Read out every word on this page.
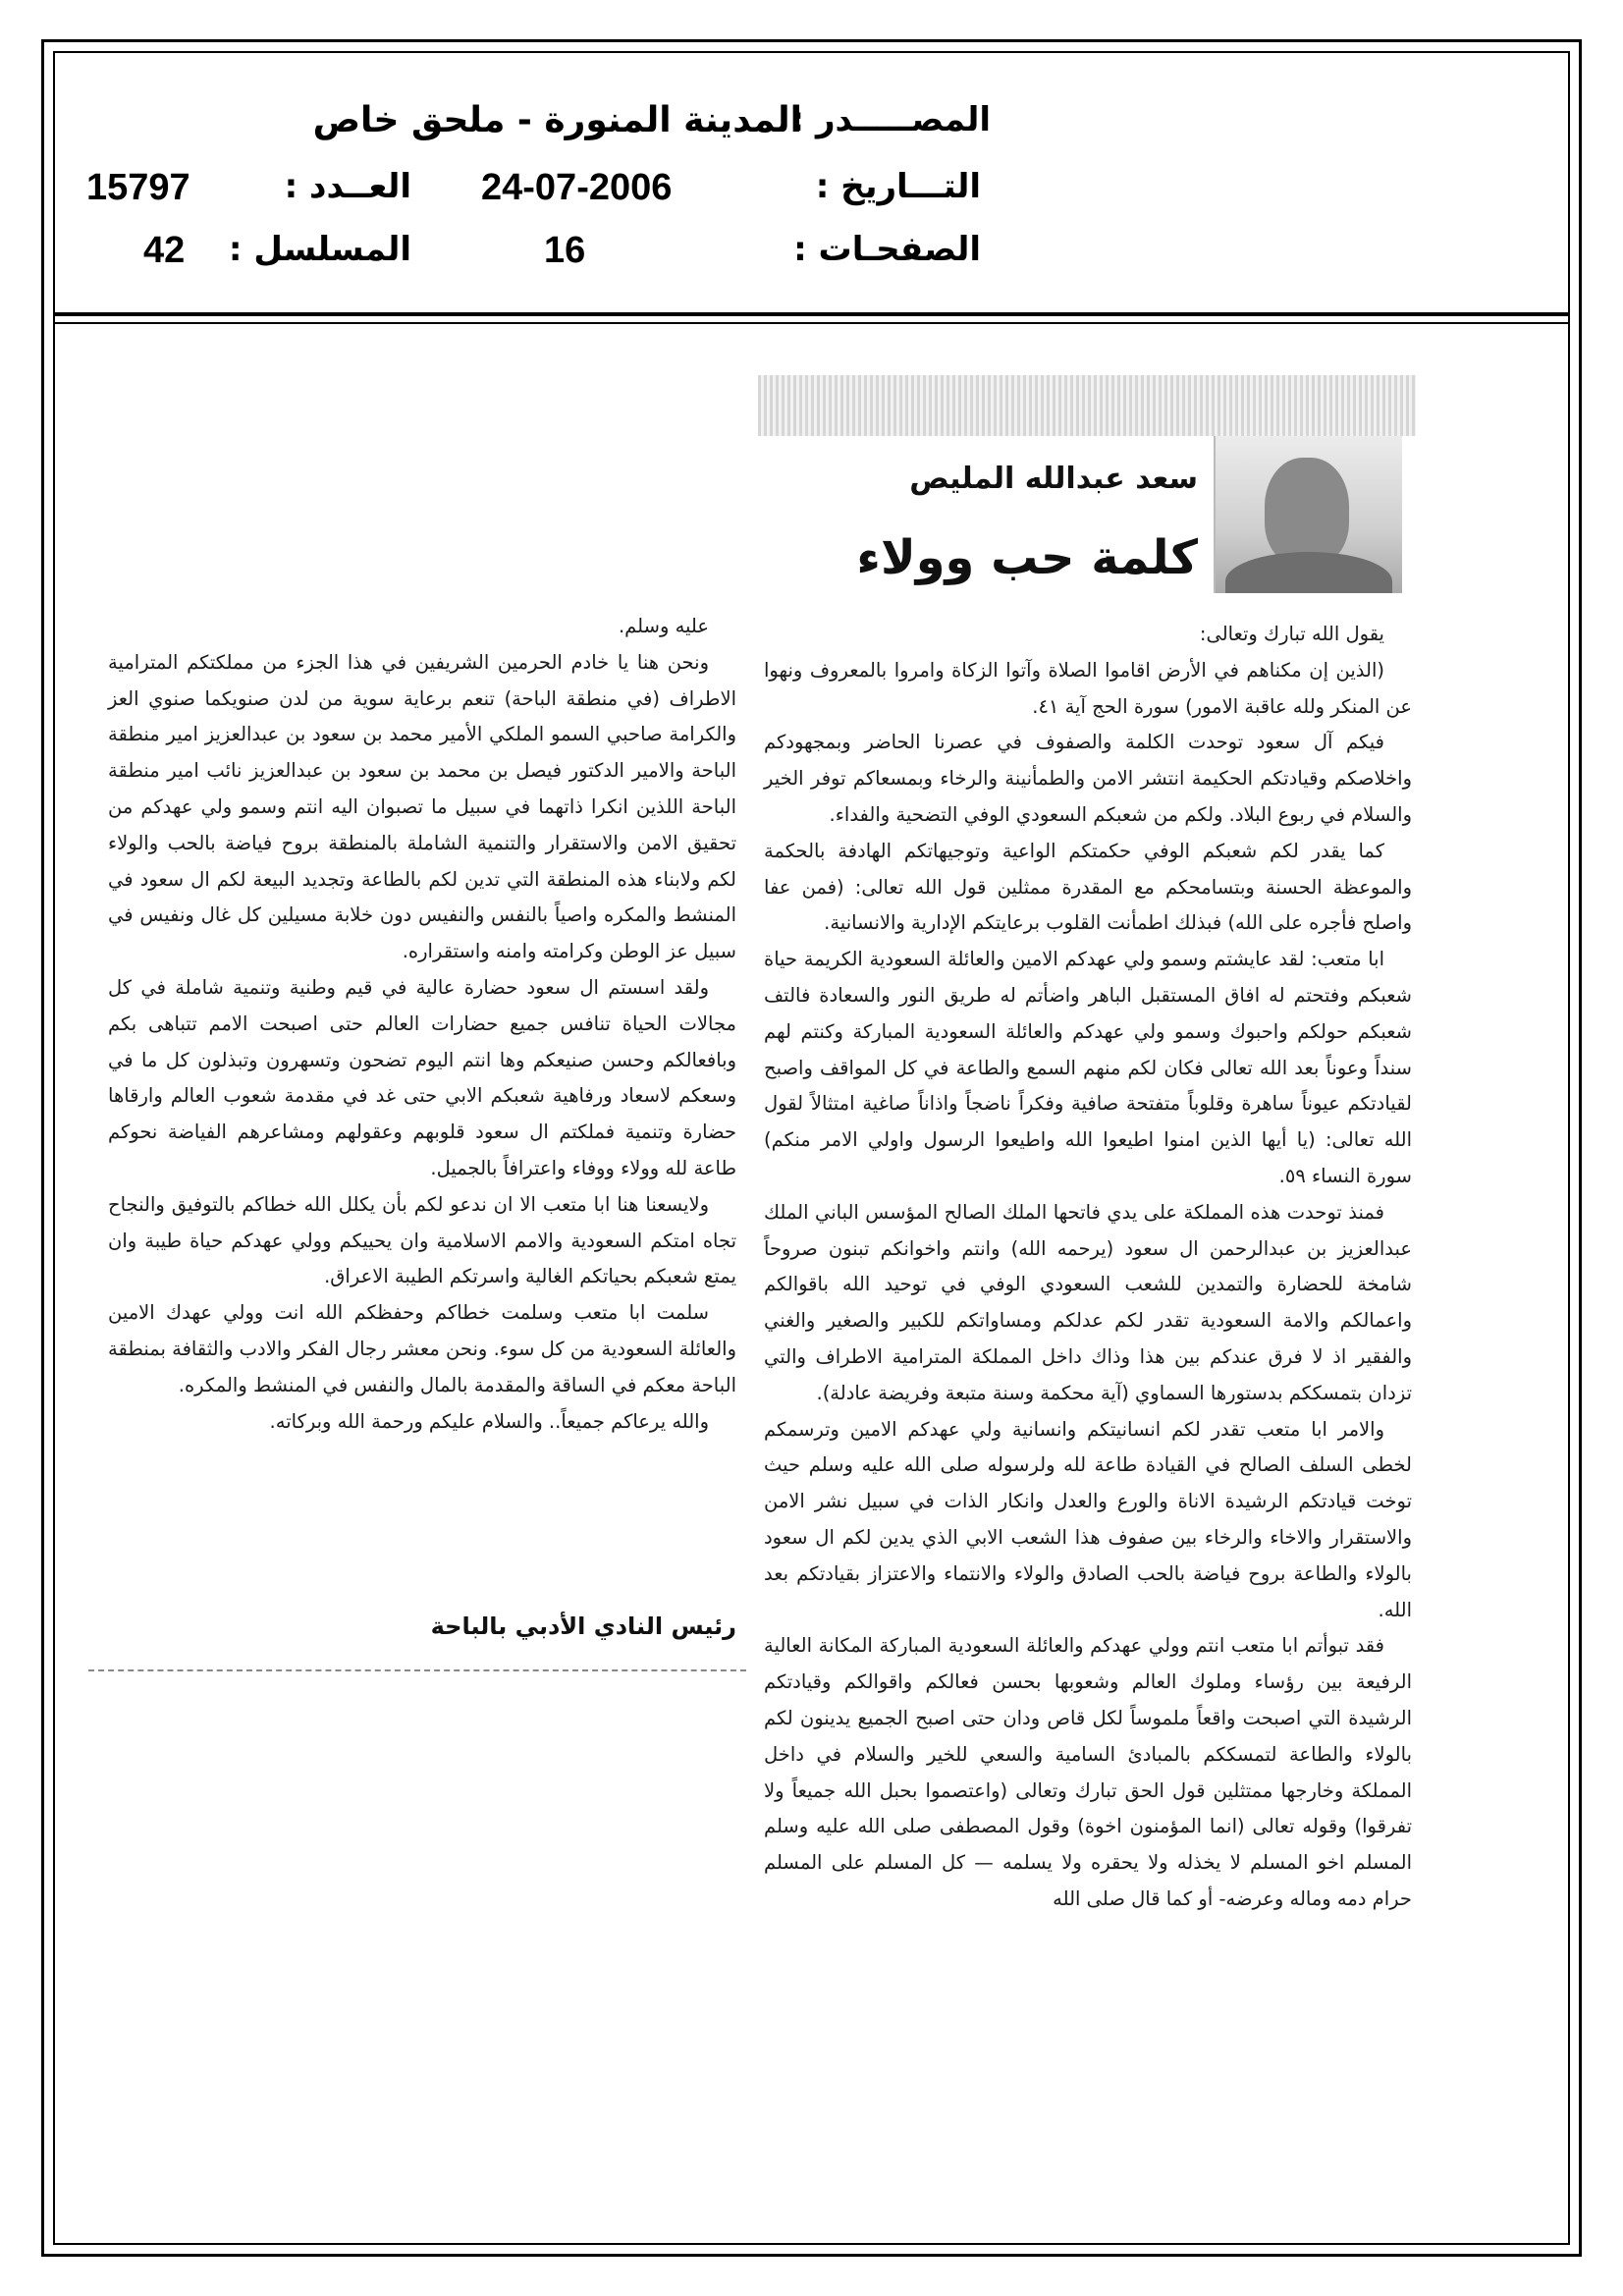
المصـــــدر :
المدينة المنورة - ملحق خاص
التـــاريخ :
24-07-2006
العــدد :
15797
الصفحـات :
16
المسلسل :
42
سعد عبدالله المليص
كلمة حب وولاء

يقول الله تبارك وتعالى:

(الذين إن مكناهم في الأرض اقاموا الصلاة وآتوا الزكاة وامروا بالمعروف ونهوا عن المنكر ولله عاقبة الامور) سورة الحج آية ٤١.

فيكم آل سعود توحدت الكلمة والصفوف في عصرنا الحاضر وبمجهودكم واخلاصكم وقيادتكم الحكيمة انتشر الامن والطمأنينة والرخاء وبمسعاكم توفر الخير والسلام في ربوع البلاد. ولكم من شعبكم السعودي الوفي التضحية والفداء.

كما يقدر لكم شعبكم الوفي حكمتكم الواعية وتوجيهاتكم الهادفة بالحكمة والموعظة الحسنة وبتسامحكم مع المقدرة ممثلين قول الله تعالى: (فمن عفا واصلح فأجره على الله) فبذلك اطمأنت القلوب برعايتكم الإدارية والانسانية.

ابا متعب: لقد عايشتم وسمو ولي عهدكم الامين والعائلة السعودية الكريمة حياة شعبكم وفتحتم له افاق المستقبل الباهر واضأتم له طريق النور والسعادة فالتف شعبكم حولكم واحبوك وسمو ولي عهدكم والعائلة السعودية المباركة وكنتم لهم سنداً وعوناً بعد الله تعالى فكان لكم منهم السمع والطاعة في كل المواقف واصبح لقيادتكم عيوناً ساهرة وقلوباً متفتحة صافية وفكراً ناضجاً واذاناً صاغية امتثالاً لقول الله تعالى: (يا أيها الذين امنوا اطيعوا الله واطيعوا الرسول واولي الامر منكم) سورة النساء ٥٩.

فمنذ توحدت هذه المملكة على يدي فاتحها الملك الصالح المؤسس الباني الملك عبدالعزيز بن عبدالرحمن ال سعود (يرحمه الله) وانتم واخوانكم تبنون صروحاً شامخة للحضارة والتمدين للشعب السعودي الوفي في توحيد الله باقوالكم واعمالكم والامة السعودية تقدر لكم عدلكم ومساواتكم للكبير والصغير والغني والفقير اذ لا فرق عندكم بين هذا وذاك داخل المملكة المترامية الاطراف والتي تزدان بتمسككم بدستورها السماوي (آية محكمة وسنة متبعة وفريضة عادلة).

والامر ابا متعب تقدر لكم انسانيتكم وانسانية ولي عهدكم الامين وترسمكم لخطى السلف الصالح في القيادة طاعة لله ولرسوله صلى الله عليه وسلم حيث توخت قيادتكم الرشيدة الاناة والورع والعدل وانكار الذات في سبيل نشر الامن والاستقرار والاخاء والرخاء بين صفوف هذا الشعب الابي الذي يدين لكم ال سعود بالولاء والطاعة بروح فياضة بالحب الصادق والولاء والانتماء والاعتزاز بقيادتكم بعد الله.

فقد تبوأتم ابا متعب انتم وولي عهدكم والعائلة السعودية المباركة المكانة العالية الرفيعة بين رؤساء وملوك العالم وشعوبها بحسن فعالكم واقوالكم وقيادتكم الرشيدة التي اصبحت واقعاً ملموساً لكل قاص ودان حتى اصبح الجميع يدينون لكم بالولاء والطاعة لتمسككم بالمبادئ السامية والسعي للخير والسلام في داخل المملكة وخارجها ممتثلين قول الحق تبارك وتعالى (واعتصموا بحبل الله جميعاً ولا تفرقوا) وقوله تعالى (انما المؤمنون اخوة) وقول المصطفى صلى الله عليه وسلم المسلم اخو المسلم لا يخذله ولا يحقره ولا يسلمه — كل المسلم على المسلم حرام دمه وماله وعرضه- أو كما قال صلى الله

عليه وسلم.

ونحن هنا يا خادم الحرمين الشريفين في هذا الجزء من مملكتكم المترامية الاطراف (في منطقة الباحة) تنعم برعاية سوية من لدن صنويكما صنوي العز والكرامة صاحبي السمو الملكي الأمير محمد بن سعود بن عبدالعزيز امير منطقة الباحة والامير الدكتور فيصل بن محمد بن سعود بن عبدالعزيز نائب امير منطقة الباحة اللذين انكرا ذاتهما في سبيل ما تصبوان اليه انتم وسمو ولي عهدكم من تحقيق الامن والاستقرار والتنمية الشاملة بالمنطقة بروح فياضة بالحب والولاء لكم ولابناء هذه المنطقة التي تدين لكم بالطاعة وتجديد البيعة لكم ال سعود في المنشط والمكره واصياً بالنفس والنفيس دون خلابة مسيلين كل غال ونفيس في سبيل عز الوطن وكرامته وامنه واستقراره.

ولقد اسستم ال سعود حضارة عالية في قيم وطنية وتنمية شاملة في كل مجالات الحياة تنافس جميع حضارات العالم حتى اصبحت الامم تتباهى بكم وبافعالكم وحسن صنيعكم وها انتم اليوم تضحون وتسهرون وتبذلون كل ما في وسعكم لاسعاد ورفاهية شعبكم الابي حتى غد في مقدمة شعوب العالم وارقاها حضارة وتنمية فملكتم ال سعود قلوبهم وعقولهم ومشاعرهم الفياضة نحوكم طاعة لله وولاء ووفاء واعترافاً بالجميل.

ولايسعنا هنا ابا متعب الا ان ندعو لكم بأن يكلل الله خطاكم بالتوفيق والنجاح تجاه امتكم السعودية والامم الاسلامية وان يحييكم وولي عهدكم حياة طيبة وان يمتع شعبكم بحياتكم الغالية واسرتكم الطيبة الاعراق.

سلمت ابا متعب وسلمت خطاكم وحفظكم الله انت وولي عهدك الامين والعائلة السعودية من كل سوء. ونحن معشر رجال الفكر والادب والثقافة بمنطقة الباحة معكم في الساقة والمقدمة بالمال والنفس في المنشط والمكره.

والله يرعاكم جميعاً.. والسلام عليكم ورحمة الله وبركاته.

رئيس النادي الأدبي بالباحة
